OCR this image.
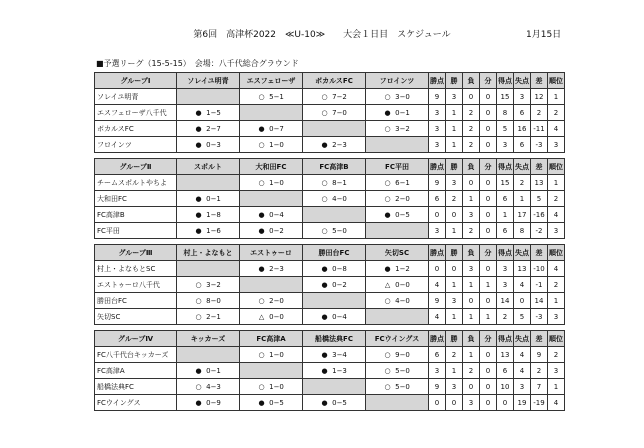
第6回　高津杯2022　≪U-10≫　　大会１日目　スケジュール	1月15日
■予選リーグ（15-5-15）　会場：八千代総合グラウンド
グループⅠ	ソレイユ明青	エスフェローザ	ボカルスFC	フロインツ	勝点	勝	負	分	得点	失点	差	順位
ソレイユ明青		○ 5−1	○ 7−2	○ 3−0	9	3	0	0	15	3	12	1
エスフェローザ八千代	● 1−5		○ 7−0	● 0−1	3	1	2	0	8	6	2	2
ボカルスFC	● 2−7	● 0−7		○ 3−2	3	1	2	0	5	16	-11	4
フロインツ	● 0−3	○ 1−0	● 2−3		3	1	2	0	3	6	-3	3
グループⅡ	スポルト	大和田FC	FC高津B	FC平田	勝点	勝	負	分	得点	失点	差	順位
チームスポルトやちよ		○ 1−0	○ 8−1	○ 6−1	9	3	0	0	15	2	13	1
大和田FC	● 0−1		○ 4−0	○ 2−0	6	2	1	0	6	1	5	2
FC高津B	● 1−8	● 0−4		● 0−5	0	0	3	0	1	17	-16	4
FC平田	● 1−6	● 0−2	○ 5−0		3	1	2	0	6	8	-2	3
グループⅢ	村上・よなもと	エストゥーロ	勝田台FC	矢切SC	勝点	勝	負	分	得点	失点	差	順位
村上・よなもとSC		● 2−3	● 0−8	● 1−2	0	0	3	0	3	13	-10	4
エストゥーロ八千代	○ 3−2		● 0−2	△ 0−0	4	1	1	1	3	4	-1	2
勝田台FC	○ 8−0	○ 2−0		○ 4−0	9	3	0	0	14	0	14	1
矢切SC	○ 2−1	△ 0−0	● 0−4		4	1	1	1	2	5	-3	3
グループⅣ	キッカーズ	FC高津A	船橋法典FC	FCウイングス	勝点	勝	負	分	得点	失点	差	順位
FC八千代台キッカーズ		○ 1−0	● 3−4	○ 9−0	6	2	1	0	13	4	9	2
FC高津A	● 0−1		● 1−3	○ 5−0	3	1	2	0	6	4	2	3
船橋法典FC	○ 4−3	○ 1−0		○ 5−0	9	3	0	0	10	3	7	1
FCウイングス	● 0−9	● 0−5	● 0−5		0	0	3	0	0	19	-19	4
